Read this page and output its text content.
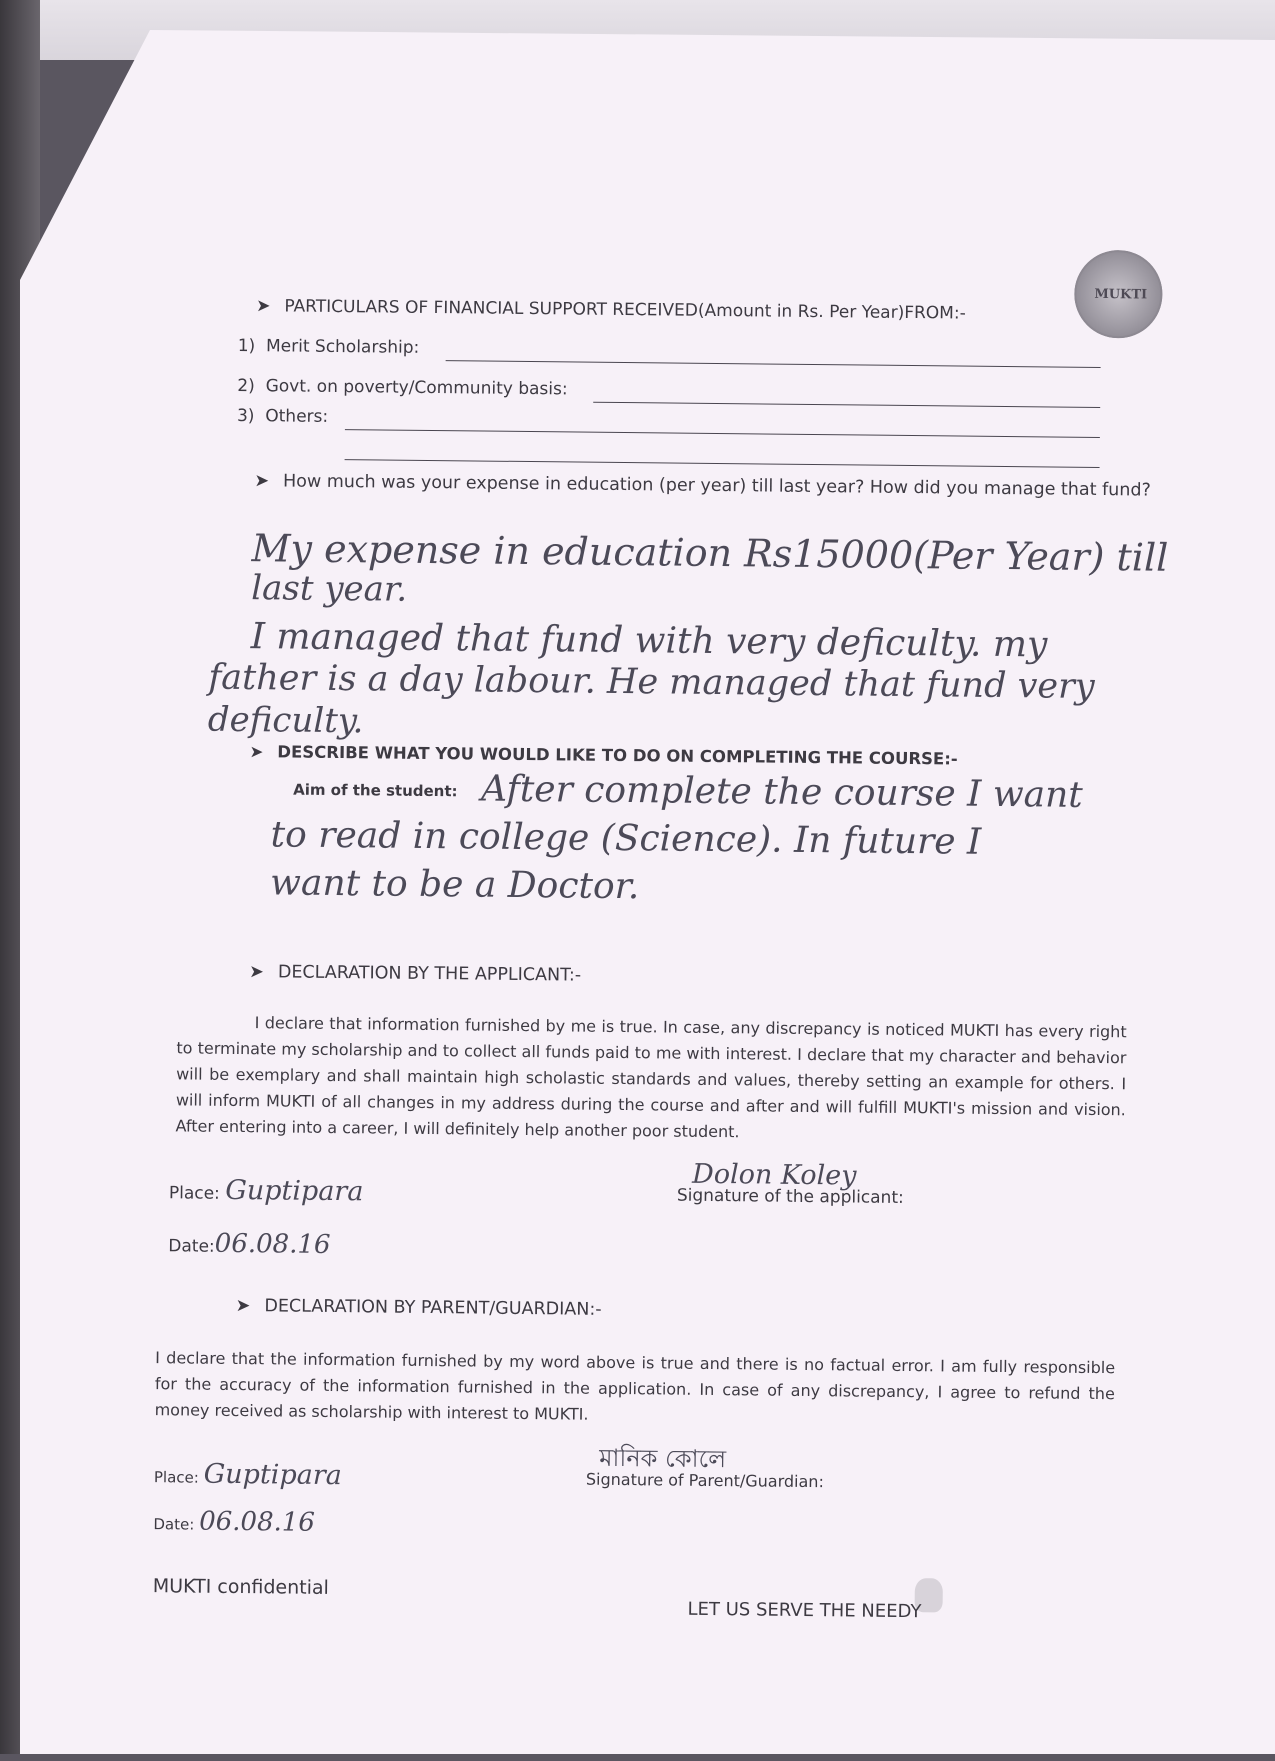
MUKTI
➤ PARTICULARS OF FINANCIAL SUPPORT RECEIVED(Amount in Rs. Per Year)FROM:-
1) Merit Scholarship:
2) Govt. on poverty/Community basis:
3) Others:
➤ How much was your expense in education (per year) till last year? How did you manage that fund?
My expense in education Rs15000(Per Year) till
last year.
I managed that fund with very deficulty. my
father is a day labour. He managed that fund very
deficulty.
➤ DESCRIBE WHAT YOU WOULD LIKE TO DO ON COMPLETING THE COURSE:-
Aim of the student: After complete the course I want
to read in college (Science). In future I
want to be a Doctor.
➤ DECLARATION BY THE APPLICANT:-
I declare that information furnished by me is true. In case, any discrepancy is noticed MUKTI has every right to terminate my scholarship and to collect all funds paid to me with interest. I declare that my character and behavior will be exemplary and shall maintain high scholastic standards and values, thereby setting an example for others. I will inform MUKTI of all changes in my address during the course and after and will fulfill MUKTI's mission and vision. After entering into a career, I will definitely help another poor student.
Place: Guptipara	Dolon Koley
Signature of the applicant:
Date:06.08.16
➤ DECLARATION BY PARENT/GUARDIAN:-
I declare that the information furnished by my word above is true and there is no factual error. I am fully responsible for the accuracy of the information furnished in the application. In case of any discrepancy, I agree to refund the money received as scholarship with interest to MUKTI.
Place: Guptipara
মানিক কোলে
Signature of Parent/Guardian:
Date: 06.08.16
MUKTI confidential
LET US SERVE THE NEEDY
